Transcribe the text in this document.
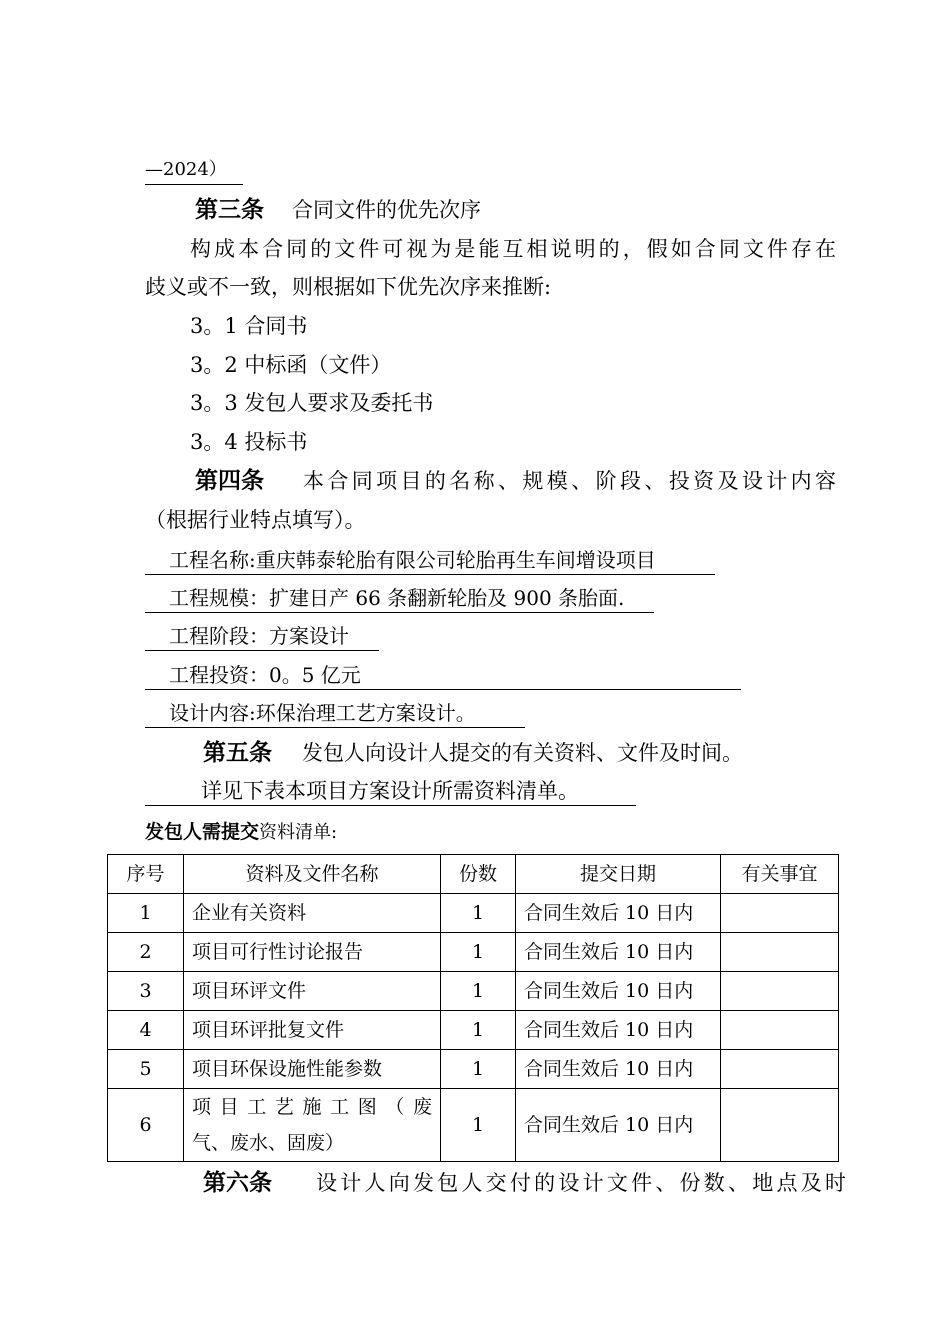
—2024）
第三条 合同文件的优先次序
构成本合同的文件可视为是能互相说明的，假如合同文件存在
歧义或不一致，则根据如下优先次序来推断:
3。1 合同书
3。2 中标函（文件）
3。3 发包人要求及委托书
3。4 投标书
第四条 本合同项目的名称、规模、阶段、投资及设计内容
（根据行业特点填写）。
工程名称:重庆韩泰轮胎有限公司轮胎再生车间增设项目
工程规模：扩建日产 66 条翻新轮胎及 900 条胎面.
工程阶段：方案设计
工程投资：0。5 亿元
设计内容:环保治理工艺方案设计。
第五条 发包人向设计人提交的有关资料、文件及时间。
详见下表本项目方案设计所需资料清单。
发包人需提交资料清单:
序号	资料及文件名称	份数	提交日期	有关事宜
1	企业有关资料	1	合同生效后 10 日内	
2	项目可行性讨论报告	1	合同生效后 10 日内	
3	项目环评文件	1	合同生效后 10 日内	
4	项目环评批复文件	1	合同生效后 10 日内	
5	项目环保设施性能参数	1	合同生效后 10 日内	
6	项目工艺施工图（废
气、废水、固废）	1	合同生效后 10 日内	
第六条 设计人向发包人交付的设计文件、份数、地点及时
